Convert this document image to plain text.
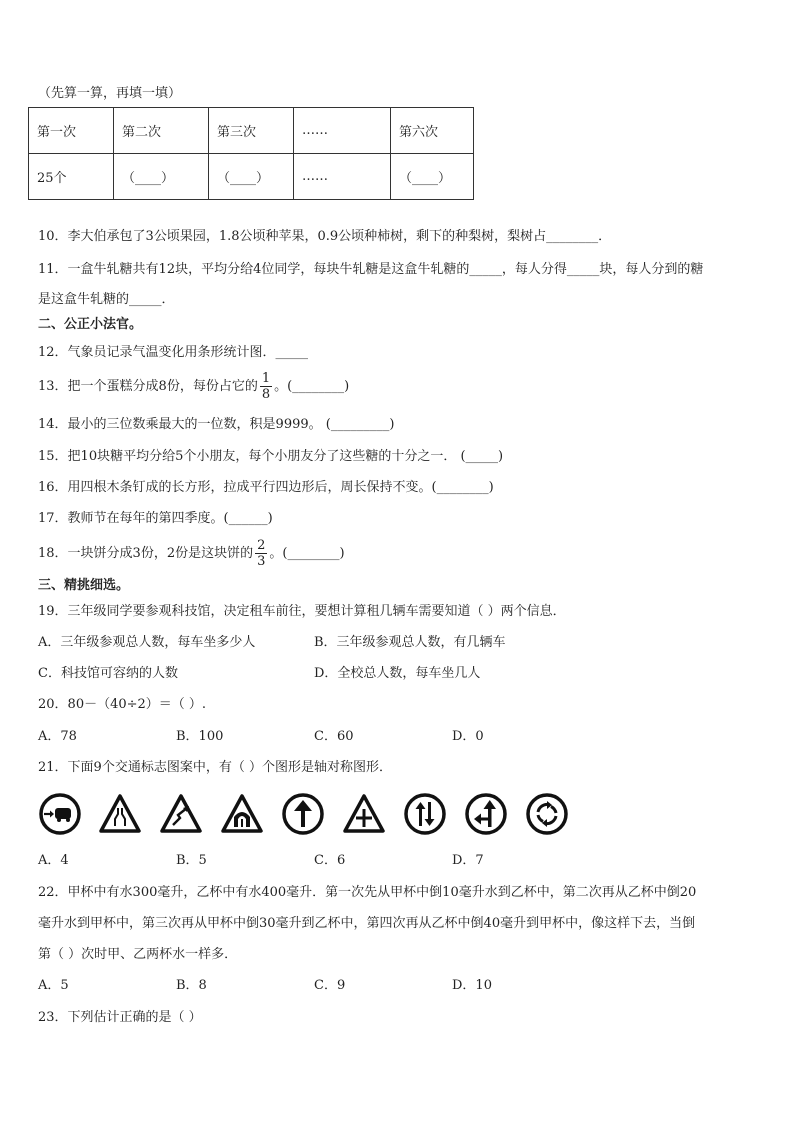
（先算一算，再填一填）
第一次	第二次	第三次	……	第六次
25个	（____）	（____）	……	（____）
10．李大伯承包了3公顷果园，1.8公顷种苹果，0.9公顷种柿树，剩下的种梨树，梨树占________．
11．一盒牛轧糖共有12块，平均分给4位同学，每块牛轧糖是这盒牛轧糖的_____，每人分得_____块，每人分到的糖
是这盒牛轧糖的_____．
二、公正小法官。
12．气象员记录气温变化用条形统计图．_____
13．把一个蛋糕分成8份，每份占它的 $\frac{1}{8}$ 。(________)
14．最小的三位数乘最大的一位数，积是9999。 (_________)
15．把10块糖平均分给5个小朋友，每个小朋友分了这些糖的十分之一． (_____)
16．用四根木条钉成的长方形，拉成平行四边形后，周长保持不变。(________)
17．教师节在每年的第四季度。(______)
18．一块饼分成3份，2份是这块饼的 $\frac{2}{3}$ 。(________)
三、精挑细选。
19．三年级同学要参观科技馆，决定租车前往，要想计算租几辆车需要知道（ ）两个信息．
A．三年级参观总人数，每车坐多少人	B．三年级参观总人数，有几辆车
C．科技馆可容纳的人数	D．全校总人数，每车坐几人
20．80－（40÷2）＝（ ）.
A．78	B．100	C．60	D．0
21．下面9个交通标志图案中，有（ ）个图形是轴对称图形．
A．4	B．5	C．6	D．7
22．甲杯中有水300毫升，乙杯中有水400毫升．第一次先从甲杯中倒10毫升水到乙杯中，第二次再从乙杯中倒20
毫升水到甲杯中，第三次再从甲杯中倒30毫升到乙杯中，第四次再从乙杯中倒40毫升到甲杯中，像这样下去，当倒
第（ ）次时甲、乙两杯水一样多．
A．5	B．8	C．9	D．10
23．下列估计正确的是（ ）
